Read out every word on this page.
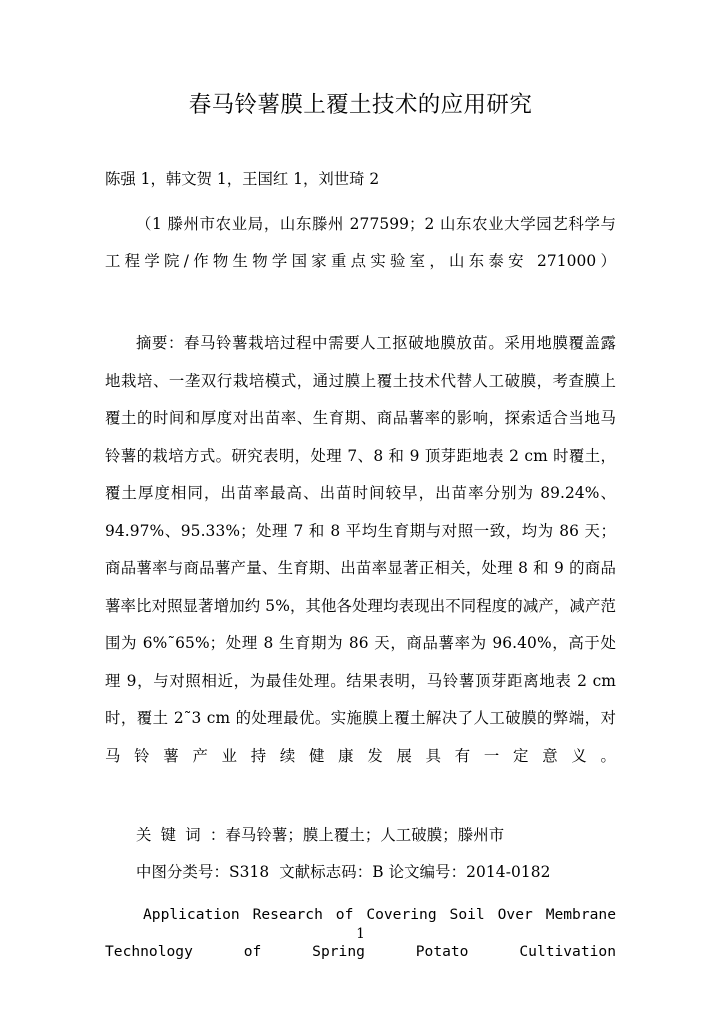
春马铃薯膜上覆土技术的应用研究

陈强 1，韩文贺 1，王国红 1，刘世琦 2

（1 滕州市农业局，山东滕州 277599；2 山东农业大学园艺科学与工程学院/作物生物学国家重点实验室，山东泰安 271000）

摘要：春马铃薯栽培过程中需要人工抠破地膜放苗。采用地膜覆盖露地栽培、一垄双行栽培模式，通过膜上覆土技术代替人工破膜，考查膜上覆土的时间和厚度对出苗率、生育期、商品薯率的影响，探索适合当地马铃薯的栽培方式。研究表明，处理 7、8 和 9 顶芽距地表 2 cm 时覆土，覆土厚度相同，出苗率最高、出苗时间较早，出苗率分别为 89.24%、94.97%、95.33%；处理 7 和 8 平均生育期与对照一致，均为 86 天；商品薯率与商品薯产量、生育期、出苗率显著正相关，处理 8 和 9 的商品薯率比对照显著增加约 5%，其他各处理均表现出不同程度的减产，减产范围为 6%˜65%；处理 8 生育期为 86 天，商品薯率为 96.40%，高于处理 9，与对照相近，为最佳处理。结果表明，马铃薯顶芽距离地表 2 cm 时，覆土 2˜3 cm 的处理最优。实施膜上覆土解决了人工破膜的弊端，对马铃薯产业持续健康发展具有一定意义。

关键词：春马铃薯；膜上覆土；人工破膜；滕州市

中图分类号：S318 文献标志码：B 论文编号：2014-0182

Application Research of Covering Soil Over Membrane Technology of Spring Potato Cultivation

1
